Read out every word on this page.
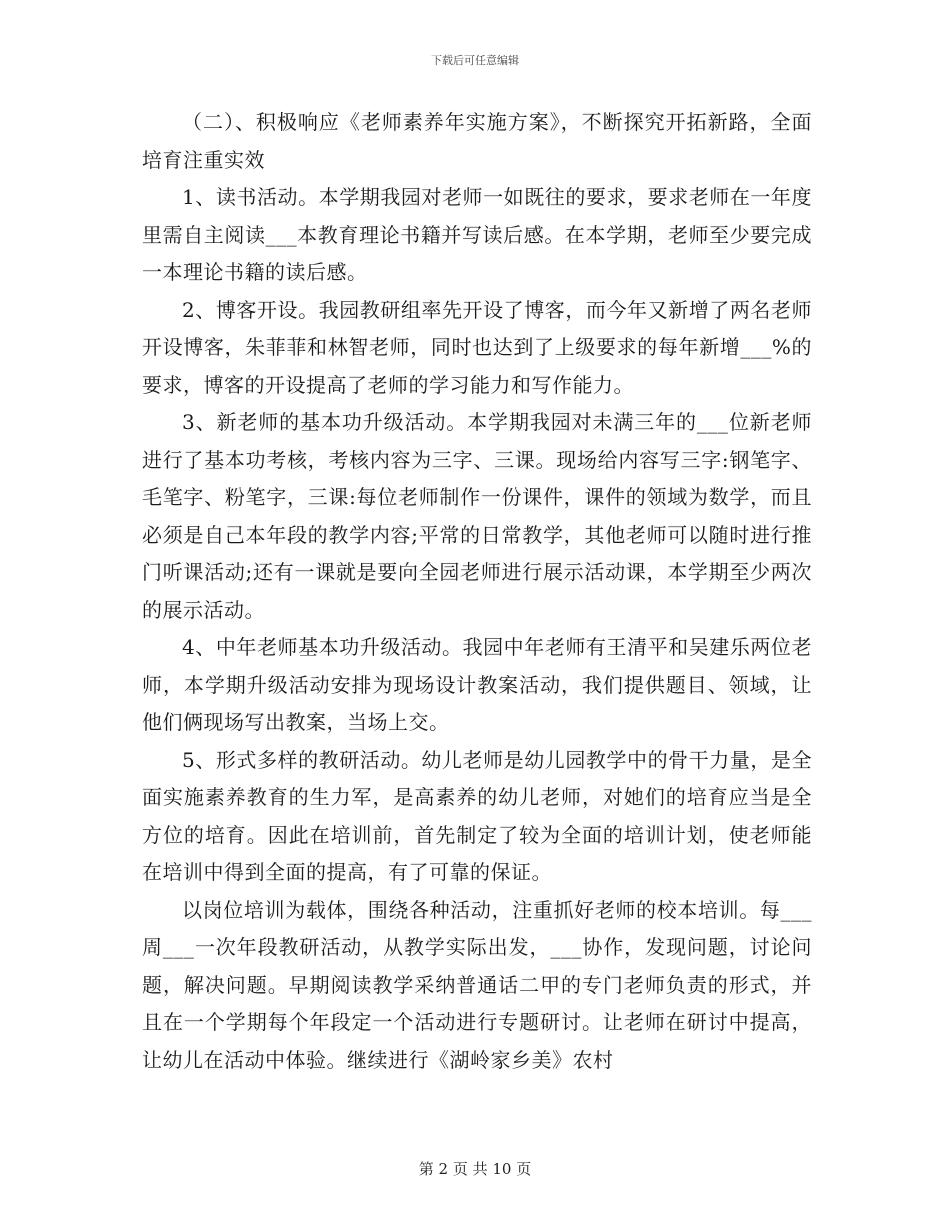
下载后可任意编辑

（二）、积极响应《老师素养年实施方案》，不断探究开拓新路，全面培育注重实效

1、读书活动。本学期我园对老师一如既往的要求，要求老师在一年度里需自主阅读___本教育理论书籍并写读后感。在本学期，老师至少要完成一本理论书籍的读后感。

2、博客开设。我园教研组率先开设了博客，而今年又新增了两名老师开设博客，朱菲菲和林智老师，同时也达到了上级要求的每年新增___%的要求，博客的开设提高了老师的学习能力和写作能力。

3、新老师的基本功升级活动。本学期我园对未满三年的___位新老师进行了基本功考核，考核内容为三字、三课。现场给内容写三字:钢笔字、毛笔字、粉笔字，三课:每位老师制作一份课件，课件的领域为数学，而且必须是自己本年段的教学内容;平常的日常教学，其他老师可以随时进行推门听课活动;还有一课就是要向全园老师进行展示活动课，本学期至少两次的展示活动。

4、中年老师基本功升级活动。我园中年老师有王清平和吴建乐两位老师，本学期升级活动安排为现场设计教案活动，我们提供题目、领域，让他们俩现场写出教案，当场上交。

5、形式多样的教研活动。幼儿老师是幼儿园教学中的骨干力量，是全面实施素养教育的生力军，是高素养的幼儿老师，对她们的培育应当是全方位的培育。因此在培训前，首先制定了较为全面的培训计划，使老师能在培训中得到全面的提高，有了可靠的保证。

以岗位培训为载体，围绕各种活动，注重抓好老师的校本培训。每___周___一次年段教研活动，从教学实际出发，___协作，发现问题，讨论问题，解决问题。早期阅读教学采纳普通话二甲的专门老师负责的形式，并且在一个学期每个年段定一个活动进行专题研讨。让老师在研讨中提高，让幼儿在活动中体验。继续进行《湖岭家乡美》农村

第 2 页 共 10 页
